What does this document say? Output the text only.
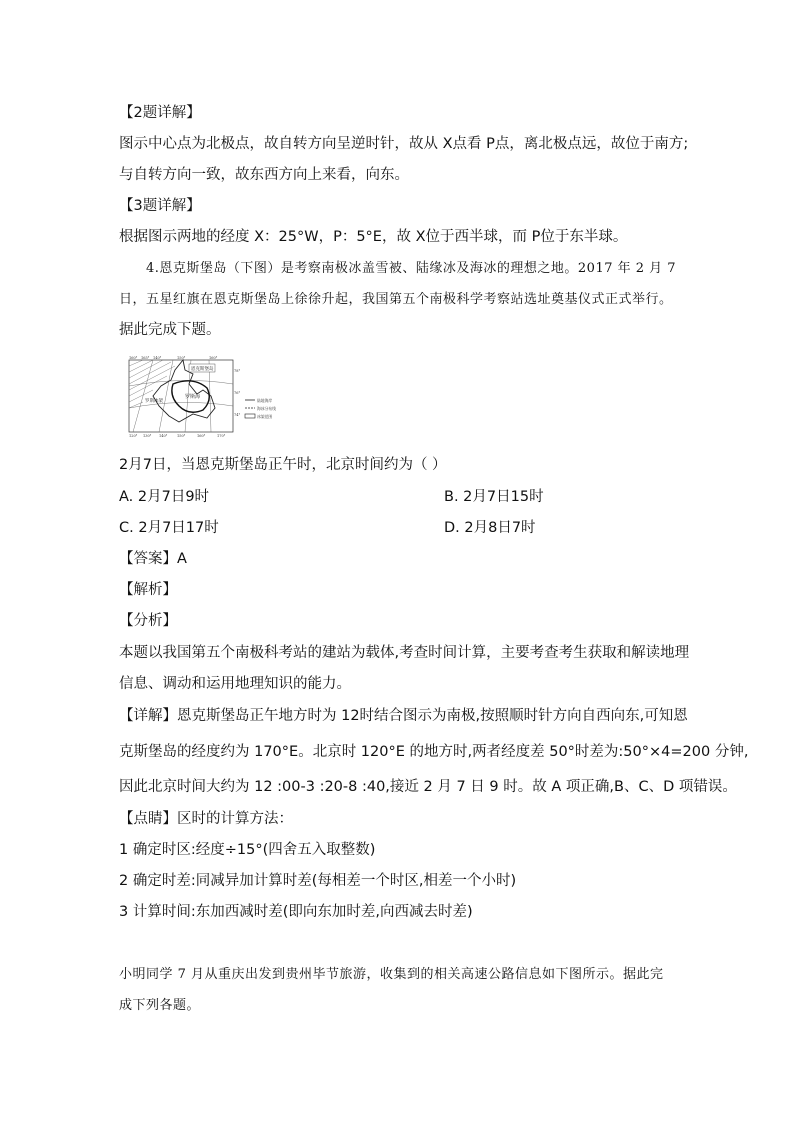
【2题详解】
图示中心点为北极点，故自转方向呈逆时针，故从 X点看 P点，离北极点远，故位于南方;
与自转方向一致，故东西方向上来看，向东。
【3题详解】
根据图示两地的经度 X：25°W，P：5°E，故 X位于西半球，而 P位于东半球。
4.恩克斯堡岛（下图）是考察南极冰盖雪被、陆缘冰及海冰的理想之地。2017 年 2 月 7
日，五星红旗在恩克斯堡岛上徐徐升起，我国第五个南极科学考察站选址奠基仪式正式举行。
据此完成下题。
恩克斯堡岛
罗斯海
罗斯冰架
160° 165° 140°	150°	160°
120° 130° 140°	150°	160°	170°
78°
76°
74°
陆地海岸
海冰分布线
冰架范围
2月7日，当恩克斯堡岛正午时，北京时间约为（ ）
A. 2月7日9时	B. 2月7日15时
C. 2月7日17时	D. 2月8日7时
【答案】A
【解析】
【分析】
本题以我国第五个南极科考站的建站为载体,考查时间计算，主要考查考生获取和解读地理
信息、调动和运用地理知识的能力。
【详解】恩克斯堡岛正午地方时为 12时结合图示为南极,按照顺时针方向自西向东,可知恩
克斯堡岛的经度约为 170°E。北京时 120°E 的地方时,两者经度差 50°时差为:50°×4=200 分钟,
因此北京时间大约为 12 :00-3 :20-8 :40,接近 2 月 7 日 9 时。故 A 项正确,B、C、D 项错误。
【点睛】区时的计算方法：
1 确定时区:经度÷15°(四舍五入取整数)
2 确定时差:同减异加计算时差(每相差一个时区,相差一个小时)
3 计算时间:东加西减时差(即向东加时差,向西减去时差)
小明同学 7 月从重庆出发到贵州毕节旅游，收集到的相关高速公路信息如下图所示。据此完
成下列各题。
